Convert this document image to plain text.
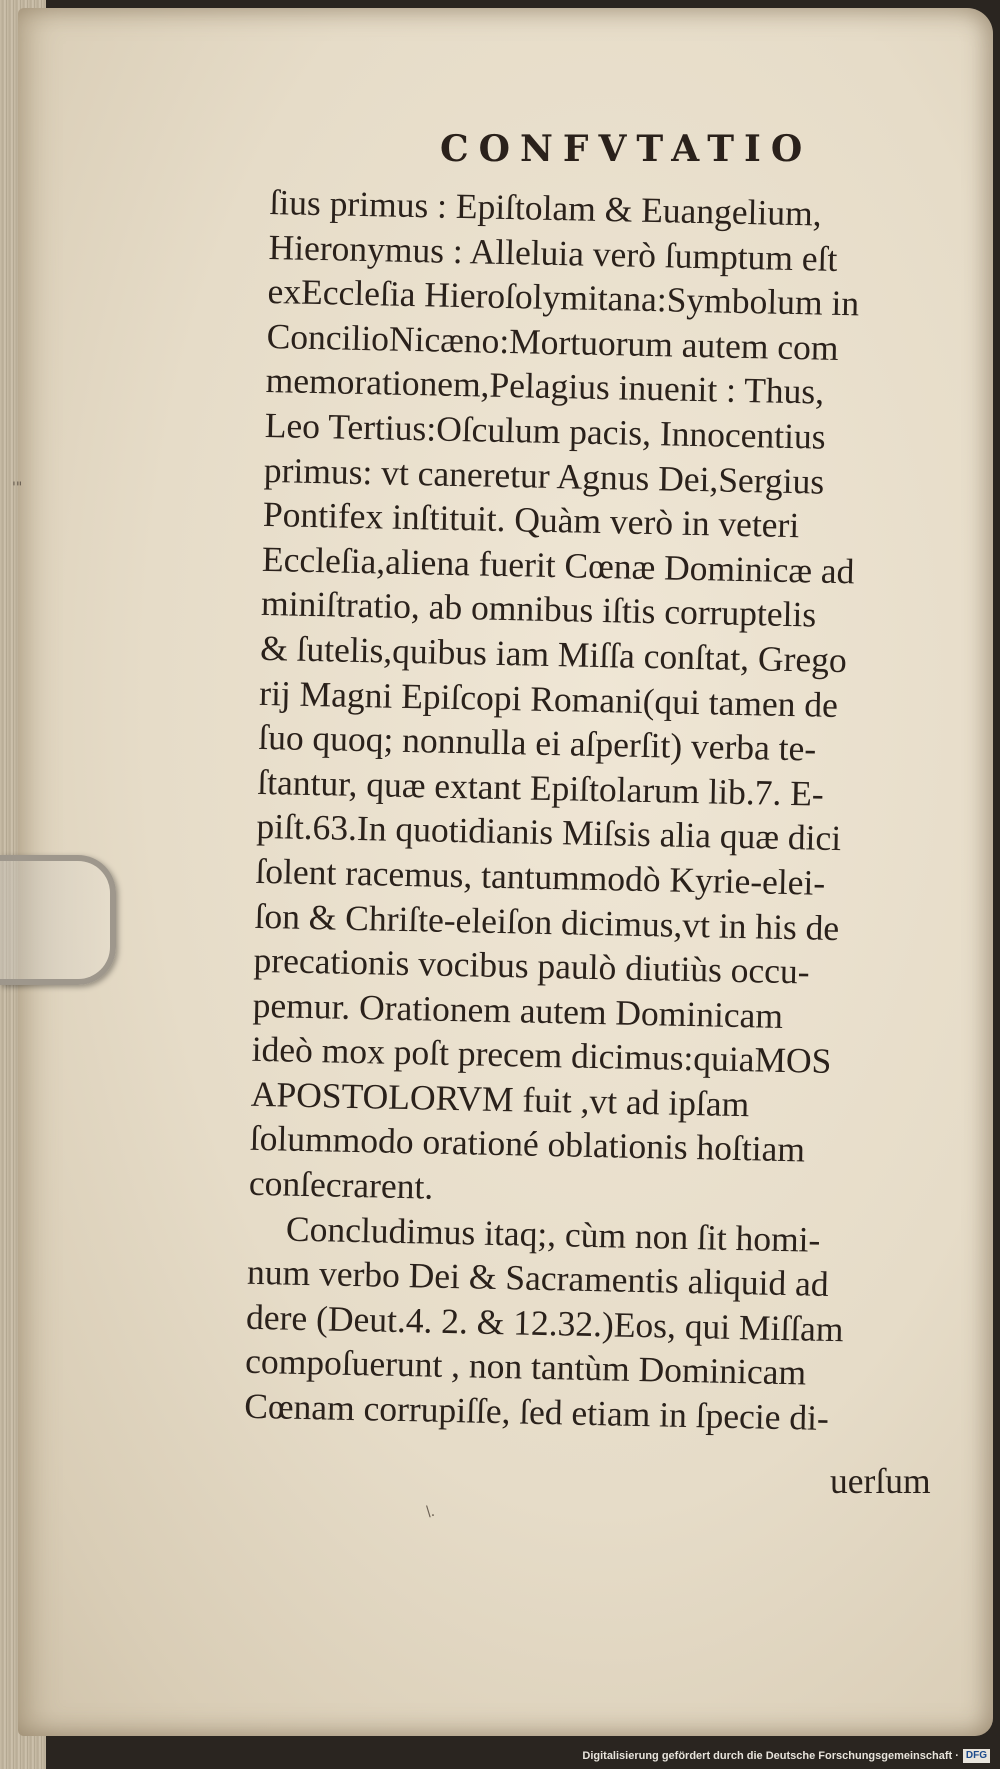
'"
CONFVTATIO
ſius primus : Epiſtolam & Euangelium,
Hieronymus : Alleluia verò ſumptum eſt
exEccleſia Hieroſolymitana:Symbolum in
ConcilioNicæno:Mortuorum autem com
memorationem,Pelagius inuenit : Thus,
Leo Tertius:Oſculum pacis, Innocentius
primus: vt caneretur Agnus Dei,Sergius
Pontifex inſtituit. Quàm verò in veteri
Eccleſia,aliena fuerit Cœnæ Dominicæ ad
miniſtratio, ab omnibus iſtis corruptelis
& ſutelis,quibus iam Miſſa conſtat, Grego
rij Magni Epiſcopi Romani(qui tamen de
ſuo quoq; nonnulla ei aſperſit) verba te-
ſtantur, quæ extant Epiſtolarum lib.7. E-
piſt.63.In quotidianis Miſsis alia quæ dici
ſolent racemus, tantummodò Kyrie-elei-
ſon & Chriſte-eleiſon dicimus,vt in his de
precationis vocibus paulò diutiùs occu-
pemur. Orationem autem Dominicam
ideò mox poſt precem dicimus:quiaMOS
APOSTOLORVM fuit ,vt ad ipſam
ſolummodo orationé oblationis hoſtiam
conſecrarent.
Concludimus itaq;, cùm non ſit homi-
num verbo Dei & Sacramentis aliquid ad
dere (Deut.4. 2. & 12.32.)Eos, qui Miſſam
compoſuerunt , non tantùm Dominicam
Cœnam corrupiſſe, ſed etiam in ſpecie di-
uerſum
\.
Digitalisierung gefördert durch die Deutsche Forschungsgemeinschaft · DFG
